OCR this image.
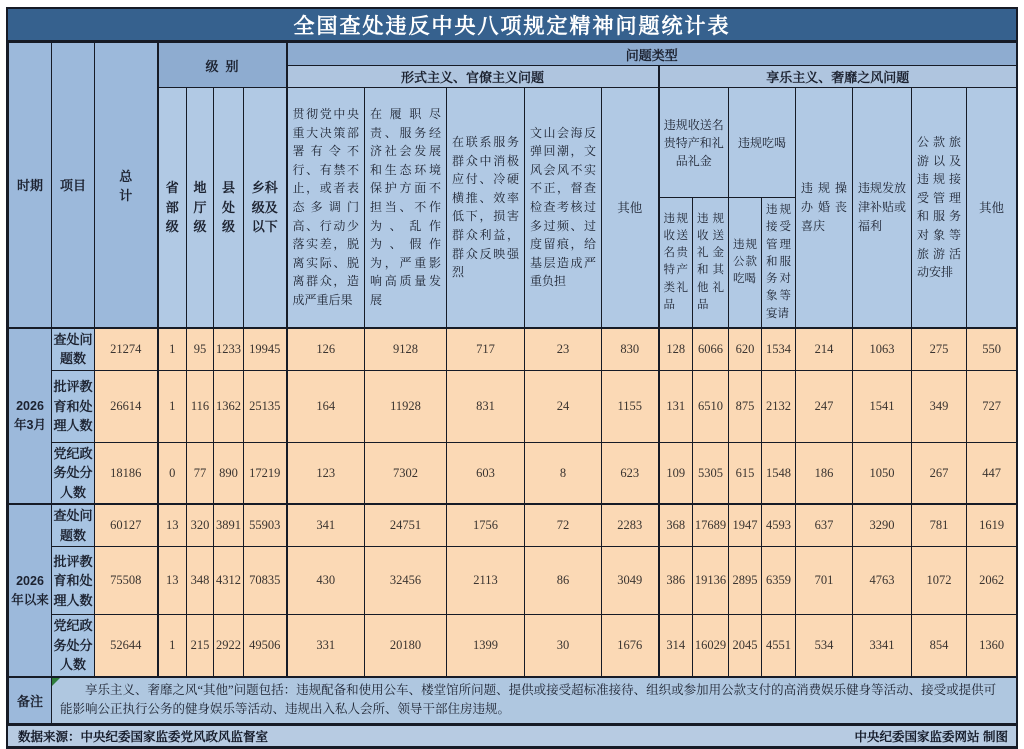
全国查处违反中央八项规定精神问题统计表
时期	项目	总计	级别				问题类型												
							形式主义、官僚主义问题					享乐主义、奢靡之风问题							
			省部级	地厅级	县处级	乡科级及以下	贯彻党中央重大决策部署有令不行、有禁不止，或者表态多调门高、行动少落实差，脱离实际、脱离群众，造成严重后果	在履职尽责、服务经济社会发展和生态环境保护方面不担当、不作为、乱作为、假作为，严重影响高质量发展	在联系服务群众中消极应付、冷硬横推、效率低下，损害群众利益，群众反映强烈	文山会海反弹回潮，文风会风不实不正，督查检查考核过多过频、过度留痕，给基层造成严重负担	其他	违规收送名贵特产和礼品礼金		违规吃喝		违规操办婚丧喜庆	违规发放津补贴或福利	公款旅游以及违规接受管理和服务对象等旅游活动安排	其他
												违规收送名贵特产类礼品	违规收送礼金和其他礼品	违规公款吃喝	违规接受管理和服务对象等宴请				
2026年3月	查处问题数	21274	1	95	1233	19945	126	9128	717	23	830	128	6066	620	1534	214	1063	275	550
	批评教育和处理人数	26614	1	116	1362	25135	164	11928	831	24	1155	131	6510	875	2132	247	1541	349	727
	党纪政务处分人数	18186	0	77	890	17219	123	7302	603	8	623	109	5305	615	1548	186	1050	267	447
2026年以来	查处问题数	60127	13	320	3891	55903	341	24751	1756	72	2283	368	17689	1947	4593	637	3290	781	1619
	批评教育和处理人数	75508	13	348	4312	70835	430	32456	2113	86	3049	386	19136	2895	6359	701	4763	1072	2062
	党纪政务处分人数	52644	1	215	2922	49506	331	20180	1399	30	1676	314	16029	2045	4551	534	3341	854	1360
备注	享乐主义、奢靡之风“其他”问题包括：违规配备和使用公车、楼堂馆所问题、提供或接受超标准接待、组织或参加用公款支付的高消费娱乐健身等活动、接受或提供可能影响公正执行公务的健身娱乐等活动、违规出入私人会所、领导干部住房违规。																		
数据来源：中央纪委国家监委党风政风监督室	中央纪委国家监委网站 制图
